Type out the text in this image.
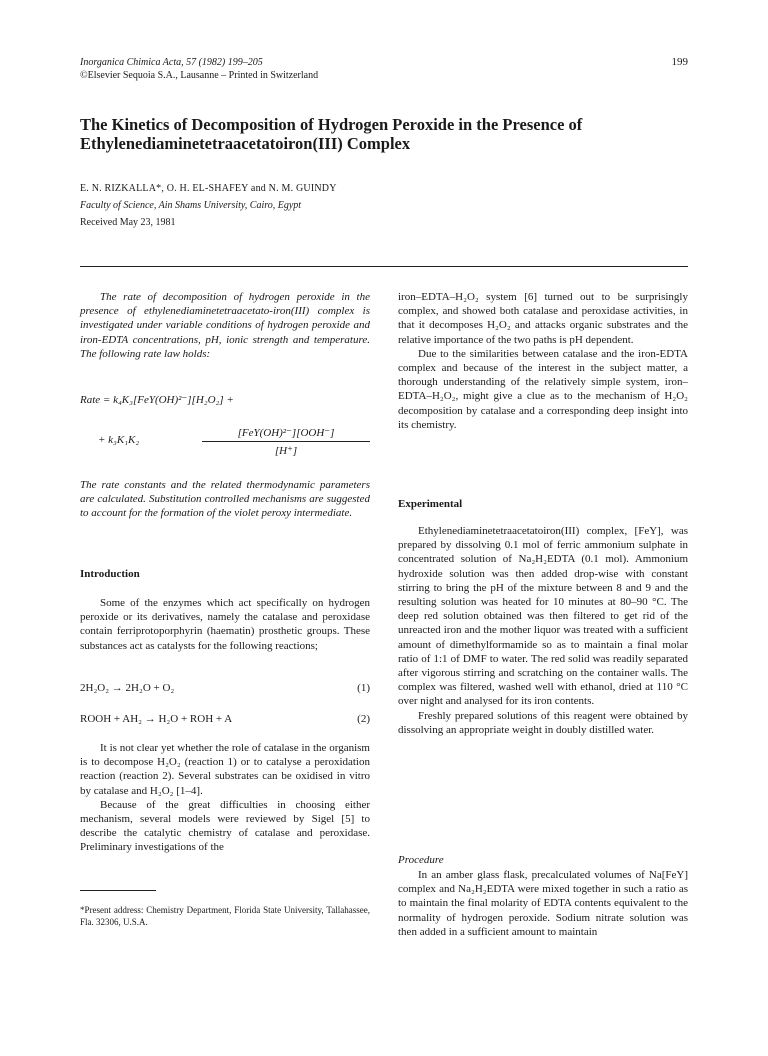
Inorganica Chimica Acta, 57 (1982) 199–205
©Elsevier Sequoia S.A., Lausanne – Printed in Switzerland
199
The Kinetics of Decomposition of Hydrogen Peroxide in the Presence of Ethylenediaminetetraacetatoiron(III) Complex
E. N. RIZKALLA*, O. H. EL-SHAFEY and N. M. GUINDY
Faculty of Science, Ain Shams University, Cairo, Egypt
Received May 23, 1981

The rate of decomposition of hydrogen peroxide in the presence of ethylenediaminetetraacetato-iron(III) complex is investigated under variable conditions of hydrogen peroxide and iron-EDTA concentrations, pH, ionic strength and temperature. The following rate law holds:

Rate = k₄K₃[FeY(OH)²⁻][H₂O₂] +
+ k₃K₁K₂
[FeY(OH)²⁻][OOH⁻]
[H⁺]

The rate constants and the related thermodynamic parameters are calculated. Substitution controlled mechanisms are suggested to account for the formation of the violet peroxy intermediate.

Introduction

Some of the enzymes which act specifically on hydrogen peroxide or its derivatives, namely the catalase and peroxidase contain ferriprotoporphyrin (haematin) prosthetic groups. These substances act as catalysts for the following reactions;

2H₂O₂ → 2H₂O + O₂	(1)
ROOH + AH₂ → H₂O + ROH + A	(2)

It is not clear yet whether the role of catalase in the organism is to decompose H₂O₂ (reaction 1) or to catalyse a peroxidation reaction (reaction 2). Several substrates can be oxidised in vitro by catalase and H₂O₂ [1–4].

Because of the great difficulties in choosing either mechanism, several models were reviewed by Sigel [5] to describe the catalytic chemistry of catalase and peroxidase. Preliminary investigations of the

*Present address: Chemistry Department, Florida State University, Tallahassee, Fla. 32306, U.S.A.

iron–EDTA–H₂O₂ system [6] turned out to be surprisingly complex, and showed both catalase and peroxidase activities, in that it decomposes H₂O₂ and attacks organic substrates and the relative importance of the two paths is pH dependent.

Due to the similarities between catalase and the iron-EDTA complex and because of the interest in the subject matter, a thorough understanding of the relatively simple system, iron–EDTA–H₂O₂, might give a clue as to the mechanism of H₂O₂ decomposition by catalase and a corresponding deep insight into its chemistry.

Experimental

Ethylenediaminetetraacetatoiron(III) complex, [FeY], was prepared by dissolving 0.1 mol of ferric ammonium sulphate in concentrated solution of Na₂H₂EDTA (0.1 mol). Ammonium hydroxide solution was then added drop-wise with constant stirring to bring the pH of the mixture between 8 and 9 and the resulting solution was heated for 10 minutes at 80–90 °C. The deep red solution obtained was then filtered to get rid of the unreacted iron and the mother liquor was treated with a sufficient amount of dimethylformamide so as to maintain a final molar ratio of 1:1 of DMF to water. The red solid was readily separated after vigorous stirring and scratching on the container walls. The complex was filtered, washed well with ethanol, dried at 110 °C over night and analysed for its iron contents.

Freshly prepared solutions of this reagent were obtained by dissolving an appropriate weight in doubly distilled water.

Procedure

In an amber glass flask, precalculated volumes of Na[FeY] complex and Na₂H₂EDTA were mixed together in such a ratio as to maintain the final molarity of EDTA contents equivalent to the normality of hydrogen peroxide. Sodium nitrate solution was then added in a sufficient amount to maintain
